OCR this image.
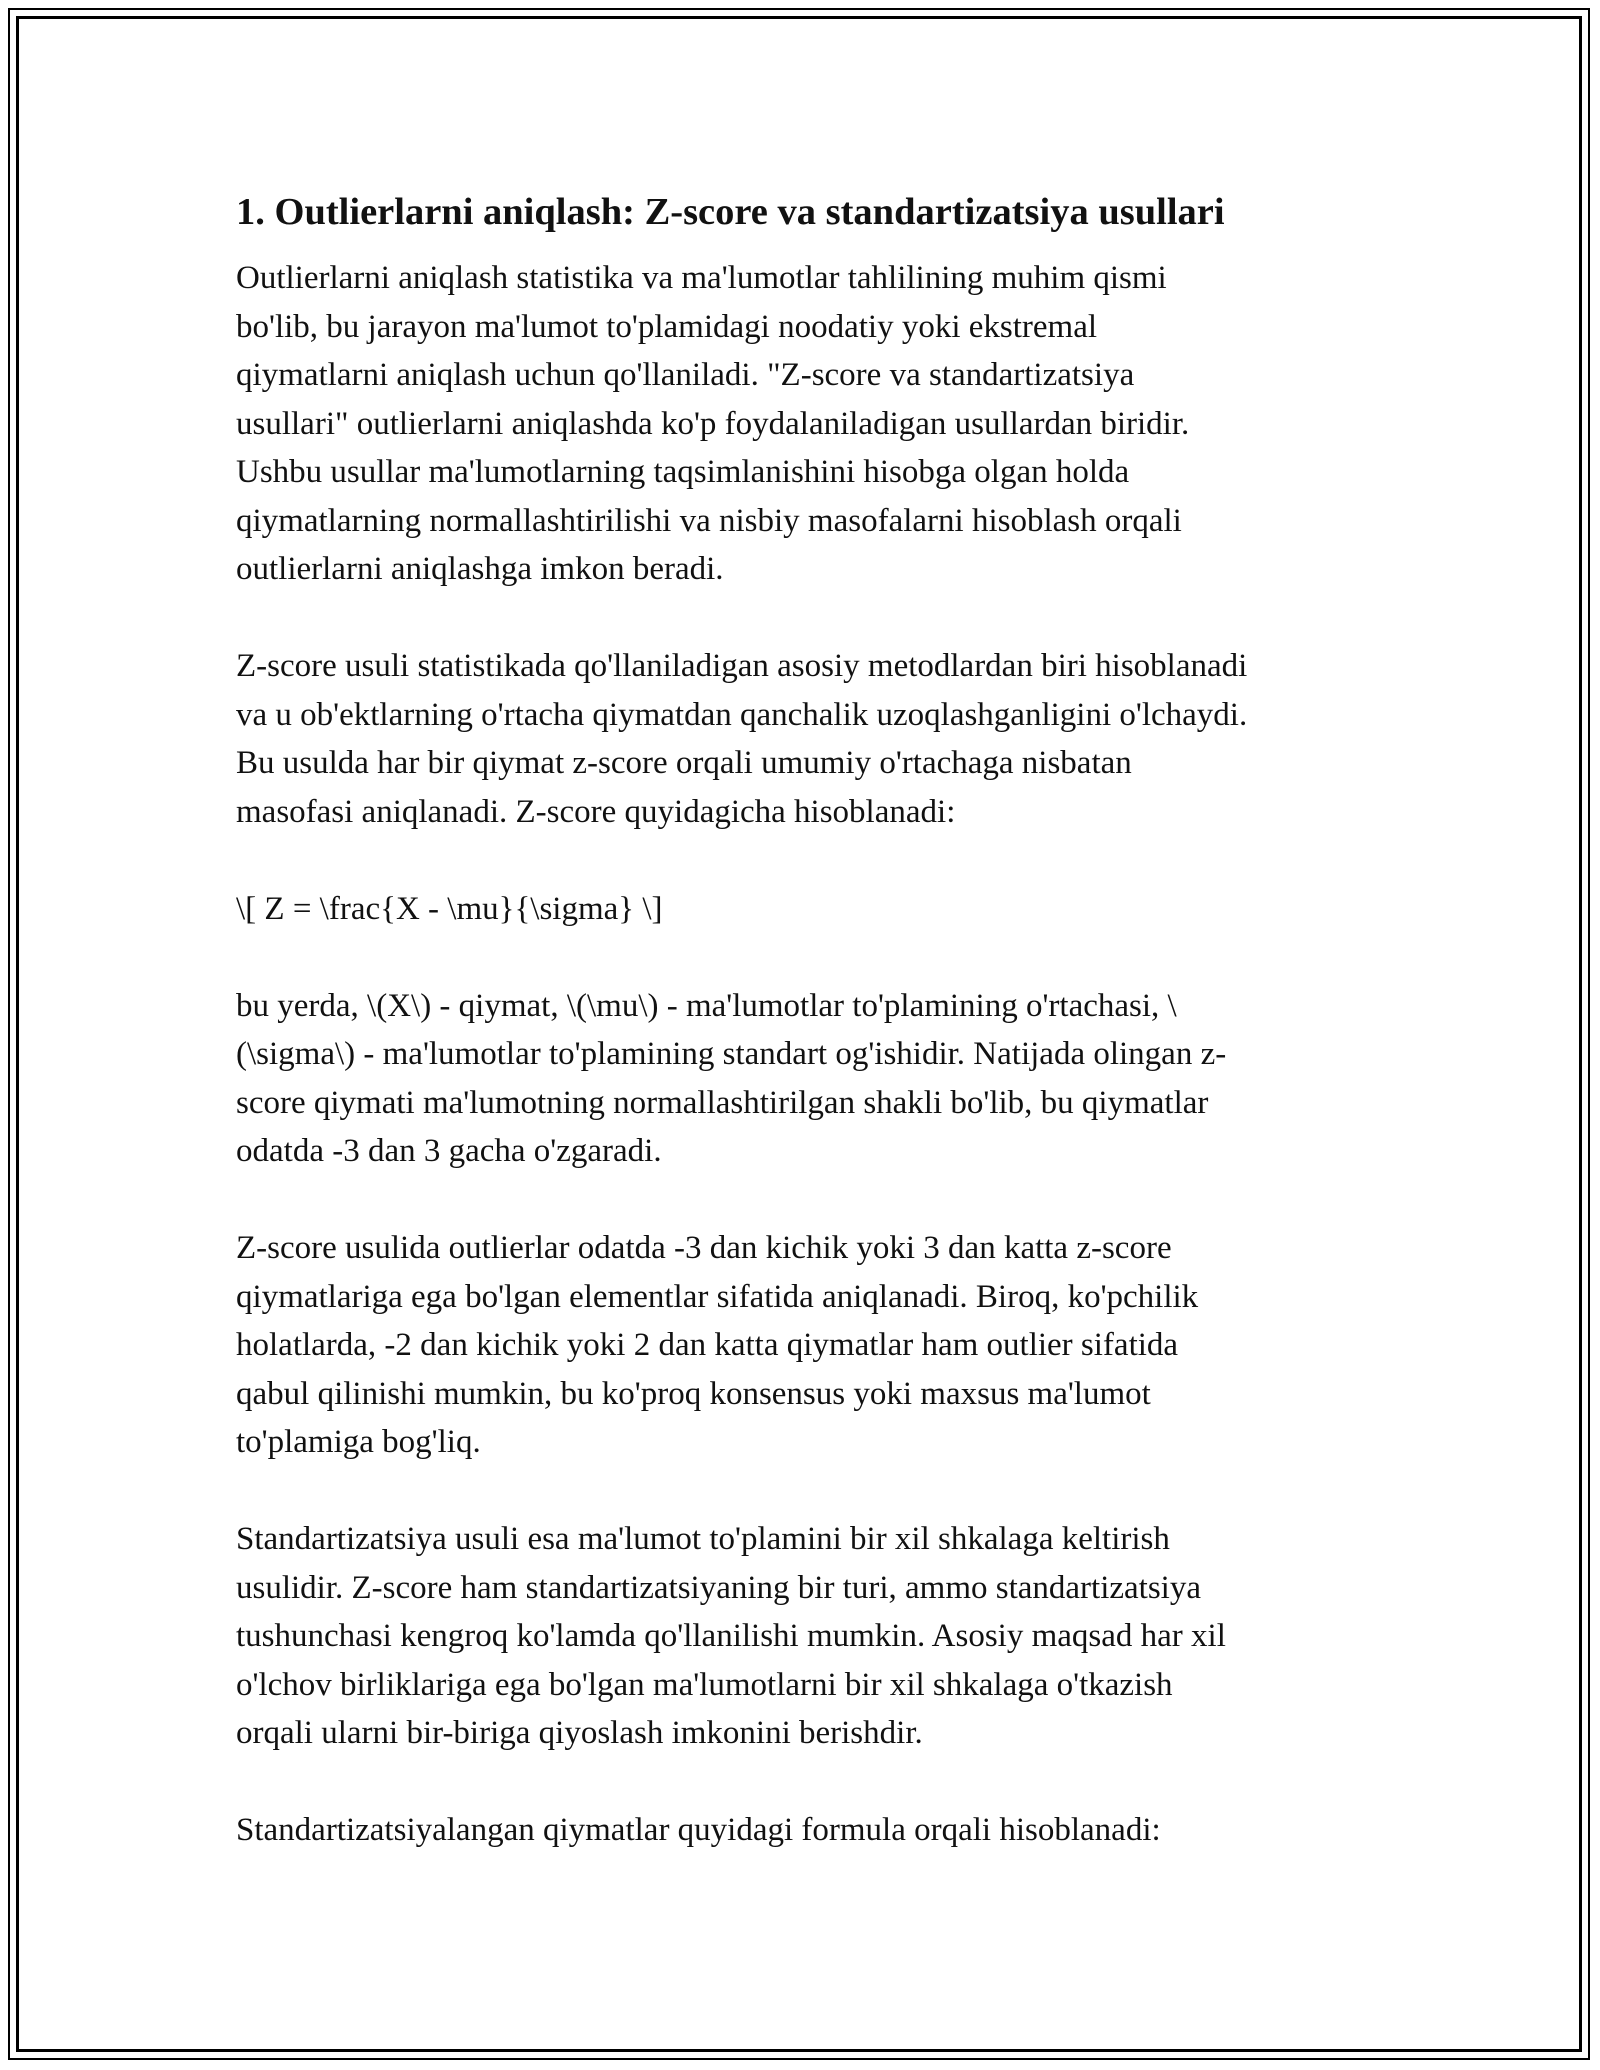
1. Outlierlarni aniqlash: Z-score va standartizatsiya usullari

Outlierlarni aniqlash statistika va ma'lumotlar tahlilining muhim qismi
bo'lib, bu jarayon ma'lumot to'plamidagi noodatiy yoki ekstremal
qiymatlarni aniqlash uchun qo'llaniladi. "Z-score va standartizatsiya
usullari" outlierlarni aniqlashda ko'p foydalaniladigan usullardan biridir.
Ushbu usullar ma'lumotlarning taqsimlanishini hisobga olgan holda
qiymatlarning normallashtirilishi va nisbiy masofalarni hisoblash orqali
outlierlarni aniqlashga imkon beradi.

Z-score usuli statistikada qo'llaniladigan asosiy metodlardan biri hisoblanadi
va u ob'ektlarning o'rtacha qiymatdan qanchalik uzoqlashganligini o'lchaydi.
Bu usulda har bir qiymat z-score orqali umumiy o'rtachaga nisbatan
masofasi aniqlanadi. Z-score quyidagicha hisoblanadi:

\[ Z = \frac{X - \mu}{\sigma} \]

bu yerda, \(X\) - qiymat, \(\mu\) - ma'lumotlar to'plamining o'rtachasi, \
(\sigma\) - ma'lumotlar to'plamining standart og'ishidir. Natijada olingan z-
score qiymati ma'lumotning normallashtirilgan shakli bo'lib, bu qiymatlar
odatda -3 dan 3 gacha o'zgaradi.

Z-score usulida outlierlar odatda -3 dan kichik yoki 3 dan katta z-score
qiymatlariga ega bo'lgan elementlar sifatida aniqlanadi. Biroq, ko'pchilik
holatlarda, -2 dan kichik yoki 2 dan katta qiymatlar ham outlier sifatida
qabul qilinishi mumkin, bu ko'proq konsensus yoki maxsus ma'lumot
to'plamiga bog'liq.

Standartizatsiya usuli esa ma'lumot to'plamini bir xil shkalaga keltirish
usulidir. Z-score ham standartizatsiyaning bir turi, ammo standartizatsiya
tushunchasi kengroq ko'lamda qo'llanilishi mumkin. Asosiy maqsad har xil
o'lchov birliklariga ega bo'lgan ma'lumotlarni bir xil shkalaga o'tkazish
orqali ularni bir-biriga qiyoslash imkonini berishdir.

Standartizatsiyalangan qiymatlar quyidagi formula orqali hisoblanadi:
